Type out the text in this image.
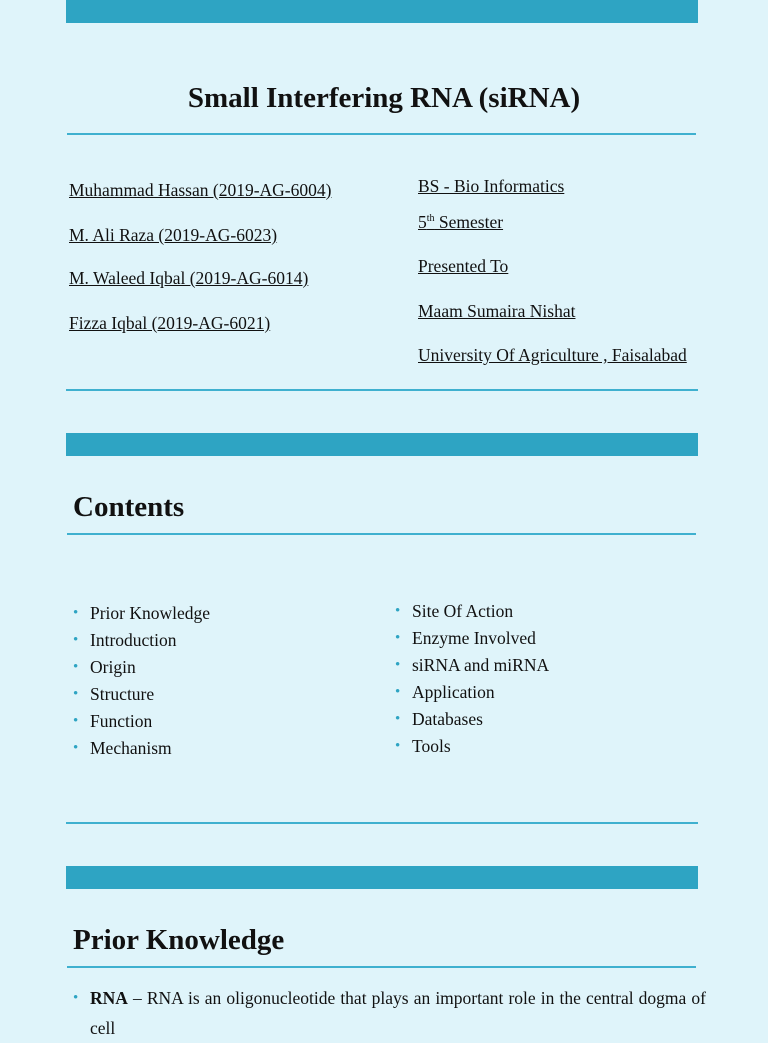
Small Interfering RNA (siRNA)
Muhammad Hassan (2019-AG-6004)
M. Ali Raza (2019-AG-6023)
M. Waleed Iqbal (2019-AG-6014)
Fizza Iqbal (2019-AG-6021)
BS - Bio Informatics
5th Semester
Presented To
Maam Sumaira Nishat
University Of Agriculture , Faisalabad
Contents
• Prior Knowledge
• Introduction
• Origin
• Structure
• Function
• Mechanism
• Site Of Action
• Enzyme Involved
• siRNA and miRNA
• Application
• Databases
• Tools
Prior Knowledge
• RNA – RNA is an oligonucleotide that plays an important role in the central dogma of cell
